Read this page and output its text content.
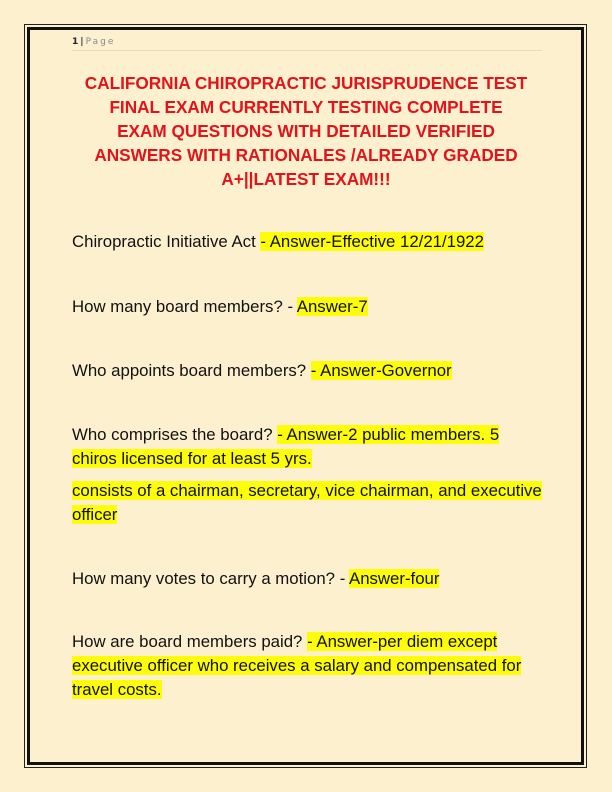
1 | Page
CALIFORNIA CHIROPRACTIC JURISPRUDENCE TEST
FINAL EXAM CURRENTLY TESTING COMPLETE
EXAM QUESTIONS WITH DETAILED VERIFIED
ANSWERS WITH RATIONALES /ALREADY GRADED
A+||LATEST EXAM!!!
Chiropractic Initiative Act - Answer-Effective 12/21/1922
How many board members? - Answer-7
Who appoints board members? - Answer-Governor
Who comprises the board? - Answer-2 public members. 5 chiros licensed for at least 5 yrs.
consists of a chairman, secretary, vice chairman, and executive officer
How many votes to carry a motion? - Answer-four
How are board members paid? - Answer-per diem except executive officer who receives a salary and compensated for travel costs.
